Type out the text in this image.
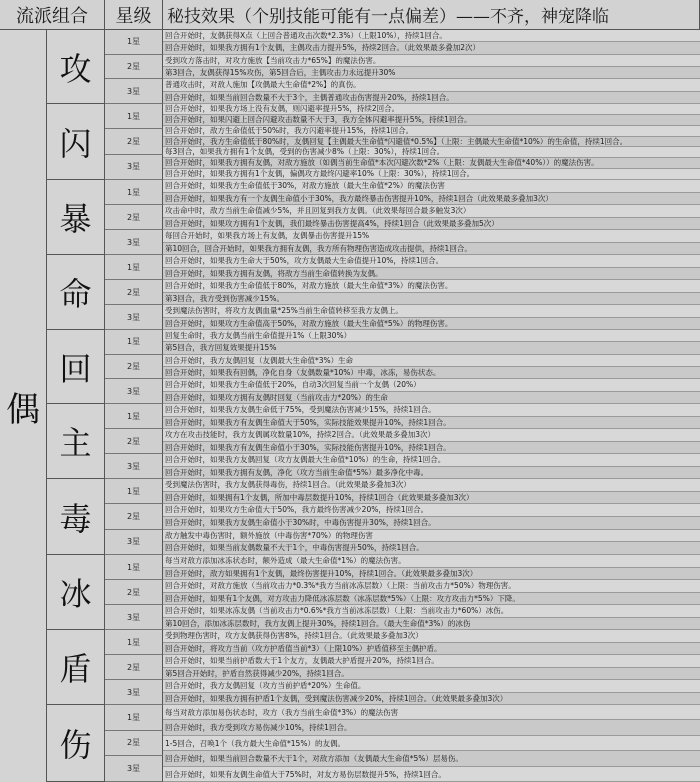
流派组合	星级 秘技效果（个别技能可能有一点偏差）——不齐，神宠降临
偶
攻
1星
2星
3星
回合开始时，友偶获得X点（上回合普通攻击次数*2.3%）（上限10%），持续1回合。
回合开始时，如果我方拥有1个友偶，主偶攻击力提升5%，持续2回合。（此效果最多叠加2次）
受到攻方落击时，对攻方施放【当前攻击力*65%】的魔法伤害。
第3回合，友偶获得15%攻伤，第5回合后，主偶攻击力永远提升30%
普通攻击时，对敌人施加【攻偶最大生命值*2%】的真伤。
回合开始时，如果当前回合数量不大于3个，主偶普通攻击伤害提升20%，持续1回合。
闪
1星
2星
3星
回合开始时，如果我方场上没有友偶，则闪避率提升5%，持续2回合。
回合开始时，如果闪避上回合闪避攻击数量不大于3，我方全体闪避率提升5%，持续1回合。
回合开始时，敌方生命值低于50%时，我方闪避率提升15%，持续1回合。
回合开始时，我方生命值低于80%时，友偶回复【主偶最大生命值*闪避值*0.5%】（上限：主偶最大生命值*10%）的生命值，持续1回合。
每3回合，如果我方拥有1个友偶，受到的伤害减少8%（上限：30%），持续1回合。
回合开始时，如果我方拥有友偶，对敌方施放（如偶当前生命值*本次闪避次数*2%（上限：友偶最大生命值*40%））的魔法伤害。
回合开始时，如果我方拥有1个友偶，偏偶攻方最终闪避率10%（上限：30%），持续1回合。
暴
1星
2星
3星
回合开始时，如果我方生命值低于30%，对敌方施放（最大生命值*2%）的魔法伤害
回合开始时，如果我方有一个友偶生命值小于30%，我方最终暴击伤害提升10%，持续1回合（此效果最多叠加3次）
攻击命中时，敌方当前生命值减少5%，并且回复到我方友偶。（此效果每回合最多触发3次）
回合开始时，如果攻方拥有1个友偶，我们最终暴击伤害提高4%，持续1回合（此效果最多叠加5次）
每回合开始时，如果我方场上有友偶，友偶暴击伤害提升15%
第10回合，回合开始时，如果我方拥有友偶，我方所有物理伤害造成攻击提供，持续1回合。
命
1星
2星
3星
回合开始时，如果我方生命大于50%，攻方友偶最大生命值提升10%，持续1回合。
回合开始时，如果我方拥有友偶，将敌方当前生命值转换为友偶。
回合开始时，如果我方生命值低于80%，对敌方施放（最大生命值*3%）的魔法伤害。
第3回合，我方受到伤害减少15%。
受到魔法伤害时，将攻方友偶血量*25%当前生命值转移至我方友偶上。
回合开始时，如果攻方生命值高于50%，对敌方施放（最大生命值*5%）的物理伤害。
回
1星
2星
3星
回复生命时，我方友偶当前生命值提升1%（上限30%）
第5回合，我方回复效果提升15%
回合开始时，我方友偶回复（友偶最大生命值*3%）生命
回合开始时，如果我有回偶，净化自身（友偶数量*10%）中毒，冰冻，易伤状态。
回合开始时，如果我方生命值低于20%，自动3次回复当前一个友偶（20%）
回合开始时，如果攻方拥有友偶时回复（当前攻击力*20%）的生命
主
1星
2星
3星
回合开始时，如果我方友偶生命低于75%，受到魔法伤害减少15%，持续1回合。
回合开始时，如果我方有友偶生命值大于50%，实际技能效果提升10%，持续1回合。
攻方在攻击技能时，我方友偶属攻数量10%，持续2回合。（此效果最多叠加3次）
回合开始时，如果我方有友偶生命值小于30%，实际技能伤害提升10%，持续1回合。
回合开始时，如果我方友偶回复（攻方友偶最大生命值*10%）的生命，持续1回合。
回合开始时，如果我方拥有友偶，净化（攻方当前生命值*5%）最多净化中毒。
毒
1星
2星
3星
受到魔法伤害时，我方友偶获得毒伤，持续1回合。（此效果最多叠加3次）
回合开始时，如果拥有1个友偶，所加中毒层数提升10%，持续1回合（此效果最多叠加3次）
回合开始时，如果攻方生命值大于50%，我方最终伤害减少20%，持续1回合。
回合开始时，如果我方友偶生命值小于30%时，中毒伤害提升30%，持续1回合。
敌方触发中毒伤害时，额外施放（中毒伤害*70%）的物理伤害
回合开始时，如果当前友偶数量不大于1个，中毒伤害提升50%，持续1回合。
冰
1星
2星
3星
每当对敌方添加冰冻状态时，额外造成（最大生命值*1%）的魔法伤害。
回合开始时，敌方如果拥有1个友偶，最终伤害提升10%，持续1回合。（此效果最多叠加3次）
回合开始时，对敌方施放（当前攻击力*0.3%*我方当前冰冻层数）（上限：当前攻击力*50%）物理伤害。
回合开始时，如果有1个友偶，对方攻击力降低冰冻层数（冰冻层数*5%）（上限：攻方攻击力*5%）下降。
回合开始时，如果冰冻友偶（当前攻击力*0.6%*我方当前冰冻层数）（上限：当前攻击力*60%）冰伤。
第10回合，添加冰冻层数时，我方友偶上提升30%，持续1回合。（最大生命值*3%）的冰伤
盾
1星
2星
3星
受到物理伤害时，攻方友偶获得伤害8%，持续1回合。（此效果最多叠加3次）
回合开始时，将攻方当前（攻方护盾值当前*3）（上限10%）护盾值移至主偶护盾。
回合开始时，如果当前护盾数大于1个友方，友偶最大护盾提升20%，持续1回合。
第5回合开始时，护盾自然获得减少20%，持续1回合。
回合开始时，我方友偶回复（攻方当前护盾*20%）生命值。
回合开始时，如果我方拥有护盾1个友偶，受到魔法伤害减少20%，持续1回合。（此效果最多叠加3次）
伤
1星
2星
3星
每当对敌方添加易伤状态时，攻方（我方当前生命值*3%）的魔法伤害
回合开始时，我方受到攻方易伤减少10%，持续1回合。
1-5回合，召唤1个（我方最大生命值*15%）的友偶。
回合开始时，如果当前回合数量不大于1个，对敌方添加（友偶最大生命值*5%）层易伤。
回合开始时，如果有友偶生命值大于75%时，对友方易伤层数提升5%，持续1回合。
